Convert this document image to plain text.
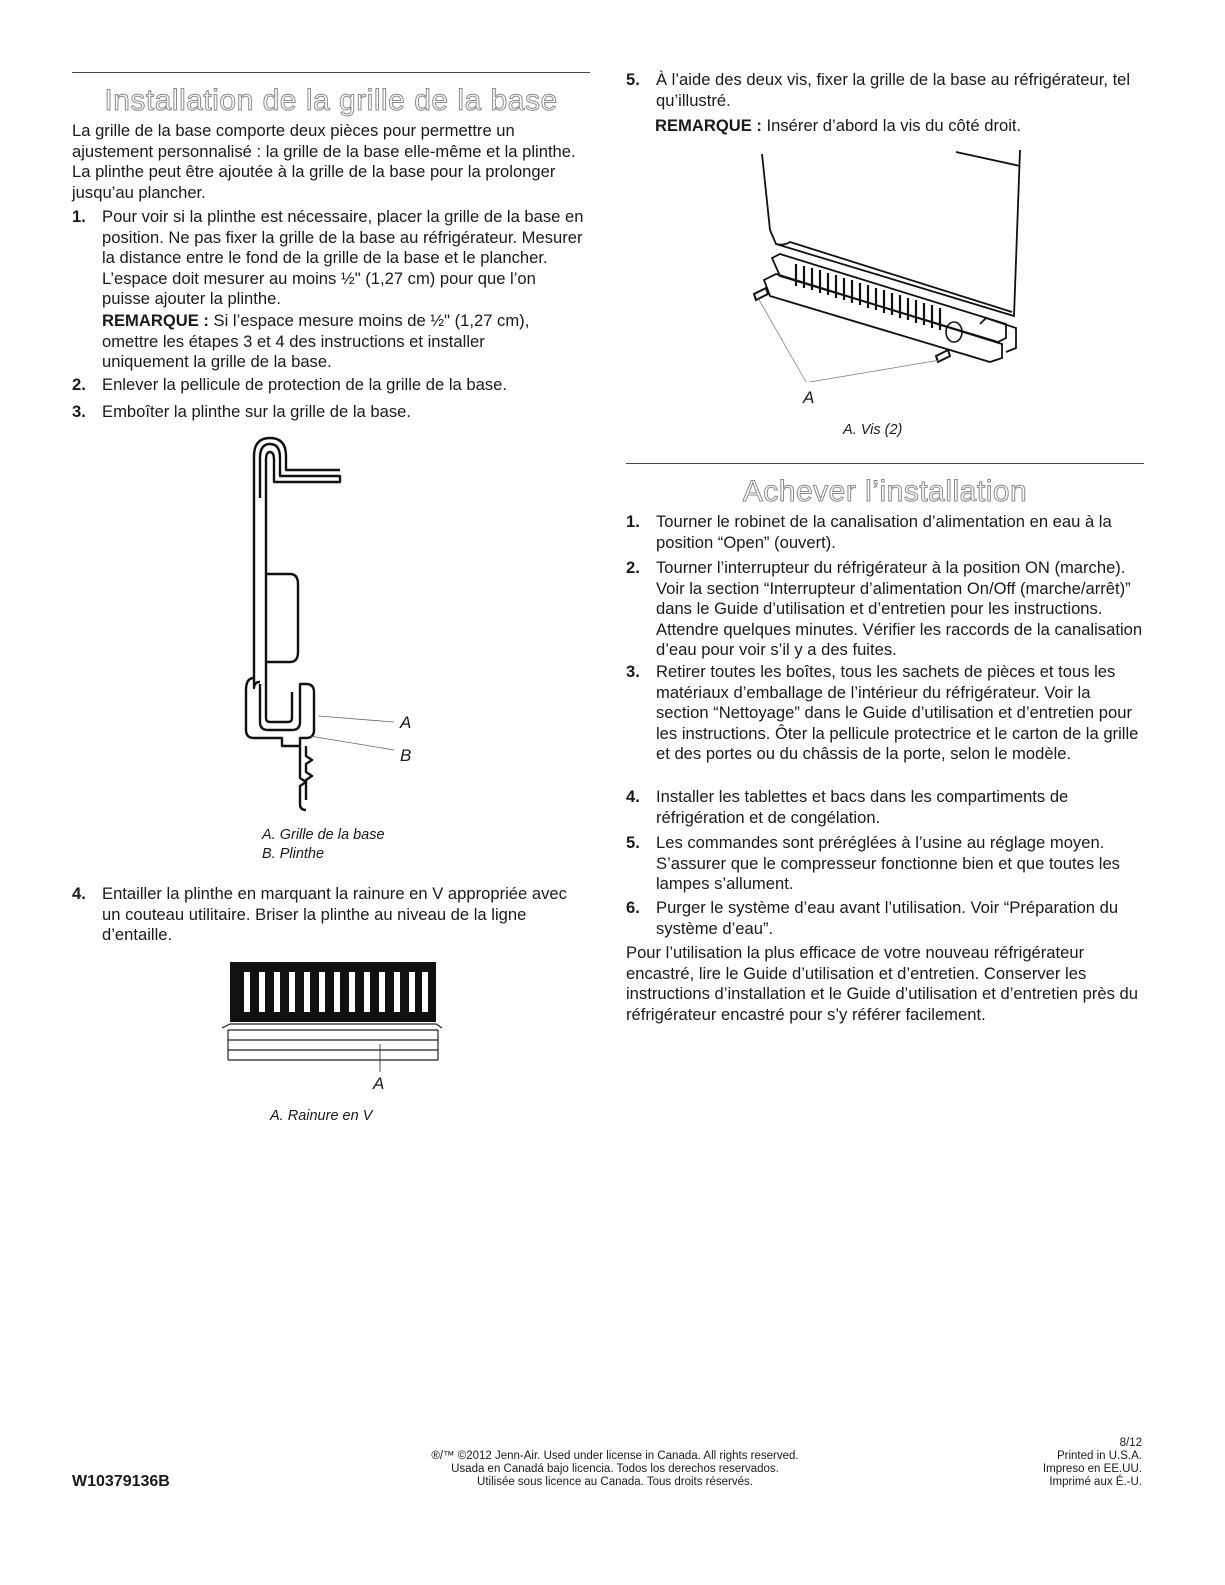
Installation de la grille de la base

La grille de la base comporte deux pièces pour permettre un ajustement personnalisé : la grille de la base elle-même et la plinthe. La plinthe peut être ajoutée à la grille de la base pour la prolonger jusqu’au plancher.

1. Pour voir si la plinthe est nécessaire, placer la grille de la base en position. Ne pas fixer la grille de la base au réfrigérateur. Mesurer la distance entre le fond de la grille de la base et le plancher. L’espace doit mesurer au moins ½" (1,27 cm) pour que l’on puisse ajouter la plinthe.
REMARQUE : Si l’espace mesure moins de ½" (1,27 cm), omettre les étapes 3 et 4 des instructions et installer uniquement la grille de la base.
2. Enlever la pellicule de protection de la grille de la base.
3. Emboîter la plinthe sur la grille de la base.
A
B
A. Grille de la base
B. Plinthe
4. Entailler la plinthe en marquant la rainure en V appropriée avec un couteau utilitaire. Briser la plinthe au niveau de la ligne d’entaille.
A
A. Rainure en V
5. À l’aide des deux vis, fixer la grille de la base au réfrigérateur, tel qu’illustré.
REMARQUE : Insérer d’abord la vis du côté droit.
A
A. Vis (2)
Achever l’installation
1. Tourner le robinet de la canalisation d’alimentation en eau à la position “Open” (ouvert).
2. Tourner l’interrupteur du réfrigérateur à la position ON (marche). Voir la section “Interrupteur d’alimentation On/Off (marche/arrêt)” dans le Guide d’utilisation et d’entretien pour les instructions. Attendre quelques minutes. Vérifier les raccords de la canalisation d’eau pour voir s’il y a des fuites.
3. Retirer toutes les boîtes, tous les sachets de pièces et tous les matériaux d’emballage de l’intérieur du réfrigérateur. Voir la section “Nettoyage” dans le Guide d’utilisation et d’entretien pour les instructions. Ôter la pellicule protectrice et le carton de la grille et des portes ou du châssis de la porte, selon le modèle.
4. Installer les tablettes et bacs dans les compartiments de réfrigération et de congélation.
5. Les commandes sont préréglées à l’usine au réglage moyen. S’assurer que le compresseur fonctionne bien et que toutes les lampes s’allument.
6. Purger le système d’eau avant l’utilisation. Voir “Préparation du système d’eau”.

Pour l’utilisation la plus efficace de votre nouveau réfrigérateur encastré, lire le Guide d’utilisation et d’entretien. Conserver les instructions d’installation et le Guide d’utilisation et d’entretien près du réfrigérateur encastré pour s’y référer facilement.

W10379136B
®/™ ©2012 Jenn-Air. Used under license in Canada. All rights reserved.
Usada en Canadá bajo licencia. Todos los derechos reservados.
Utilisée sous licence au Canada. Tous droits réservés.
8/12
Printed in U.S.A.
Impreso en EE.UU.
Imprimé aux É.-U.
